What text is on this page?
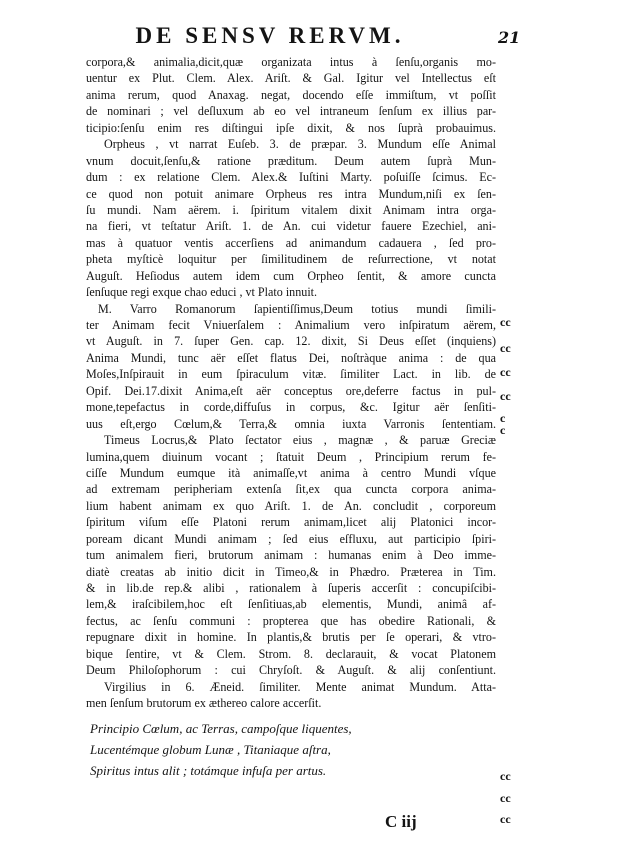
DE SENSV RERVM.	21
corpora,& animalia,dicit,quæ organizata intus à ſenſu,organis mo-
uentur ex Plut. Clem. Alex. Ariſt. & Gal. Igitur vel Intellectus eſt
anima rerum, quod Anaxag. negat, docendo eſſe immiſtum, vt poſſit
de nominari ; vel deſluxum ab eo vel intraneum ſenſum ex illius par-
ticipio:ſenſu enim res diſtingui ipſe dixit, & nos ſuprà probauimus.
Orpheus , vt narrat Euſeb. 3. de præpar. 3. Mundum eſſe Animal
vnum docuit,ſenſu,& ratione præditum. Deum autem ſuprà Mun-
dum : ex relatione Clem. Alex.& Iuſtini Marty. poſuiſſe ſcimus. Ec-
ce quod non potuit animare Orpheus res intra Mundum,niſi ex ſen-
ſu mundi. Nam aërem. i. ſpiritum vitalem dixit Animam intra orga-
na fieri, vt teſtatur Ariſt. 1. de An. cui videtur fauere Ezechiel, ani-
mas à quatuor ventis accerſiens ad animandum cadauera , ſed pro-
pheta myſticè loquitur per ſimilitudinem de reſurrectione, vt notat
Auguſt. Heſiodus autem idem cum Orpheo ſentit, & amore cuncta
ſenſuque regi exque chao educi , vt Plato innuit.
M. Varro Romanorum ſapientiſſimus,Deum totius mundi ſimili-
ter Animam fecit Vniuerſalem : Animalium vero inſpiratum aërem,
vt Auguſt. in 7. ſuper Gen. cap. 12. dixit, Si Deus eſſet (inquiens)
Anima Mundi, tunc aër eſſet flatus Dei, noſtràque anima : de qua
Moſes,Inſpirauit in eum ſpiraculum vitæ. ſimiliter Lact. in lib. de
Opif. Dei.17.dixit Anima,eſt aër conceptus ore,deferre factus in pul-
mone,tepefactus in corde,diffuſus in corpus, &c. Igitur aër ſenſiti-
uus eſt,ergo Cœlum,& Terra,& omnia iuxta Varronis ſententiam.
Timeus Locrus,& Plato ſectator eius , magnæ , & paruæ Greciæ
lumina,quem diuinum vocant ; ſtatuit Deum , Principium rerum fe-
ciſſe Mundum eumque ità animaſſe,vt anima à centro Mundi vſque
ad extremam peripheriam extenſa ſit,ex qua cuncta corpora anima-
lium habent animam ex quo Ariſt. 1. de An. concludit , corporeum
ſpiritum viſum eſſe Platoni rerum animam,licet alij Platonici incor-
poream dicant Mundi animam ; ſed eius eſfluxu, aut participio ſpiri-
tum animalem fieri, brutorum animam : humanas enim à Deo imme-
diatè creatas ab initio dicit in Timeo,& in Phædro. Præterea in Tim.
& in lib.de rep.& alibi , rationalem à ſuperis accerſit : concupiſcibi-
lem,& iraſcibilem,hoc eſt ſenſitiuas,ab elementis, Mundi, animâ af-
fectus, ac ſenſu communi : propterea que has obedire Rationali, &
repugnare dixit in homine. In plantis,& brutis per ſe operari, & vtro-
bique ſentire, vt & Clem. Strom. 8. declarauit, & vocat Platonem
Deum Philoſophorum : cui Chryſoſt. & Auguſt. & alij conſentiunt.
Virgilius in 6. Æneid. ſimiliter. Mente animat Mundum. Atta-
men ſenſum brutorum ex æthereo calore accerſit.
Principio Cœlum, ac Terras, campoſque liquentes,
Lucentémque globum Lunæ , Titaniaque aſtra,
Spiritus intus alit ; totámque infuſa per artus.
cc
cc
cc
cc
c
c
cc
cc
cc
C iij
